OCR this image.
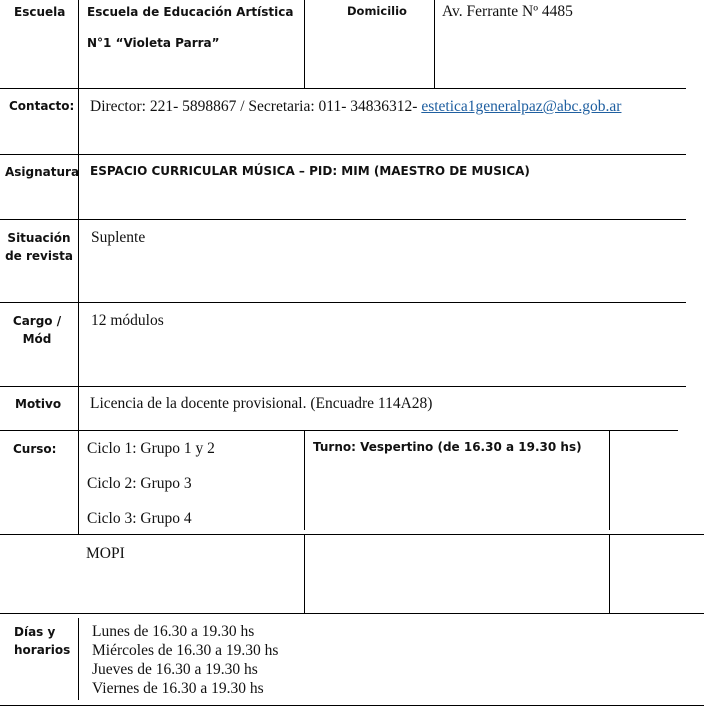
Escuela Escuela de Educación Artística
N°1 “Violeta Parra”
Domicilio Av. Ferrante Nº 4485
Contacto: Director: 221- 5898867 / Secretaria: 011- 34836312- estetica1generalpaz@abc.gob.ar
Asignatura ESPACIO CURRICULAR MÚSICA – PID: MIM (MAESTRO DE MUSICA)
Situación
de revista
Suplente
Cargo /
Mód
12 módulos
Motivo Licencia de la docente provisional. (Encuadre 114A28)
Curso: Ciclo 1: Grupo 1 y 2
Ciclo 2: Grupo 3
Ciclo 3: Grupo 4
Turno: Vespertino (de 16.30 a 19.30 hs)
MOPI
Días y
horarios
Lunes de 16.30 a 19.30 hs
Miércoles de 16.30 a 19.30 hs
Jueves de 16.30 a 19.30 hs
Viernes de 16.30 a 19.30 hs
